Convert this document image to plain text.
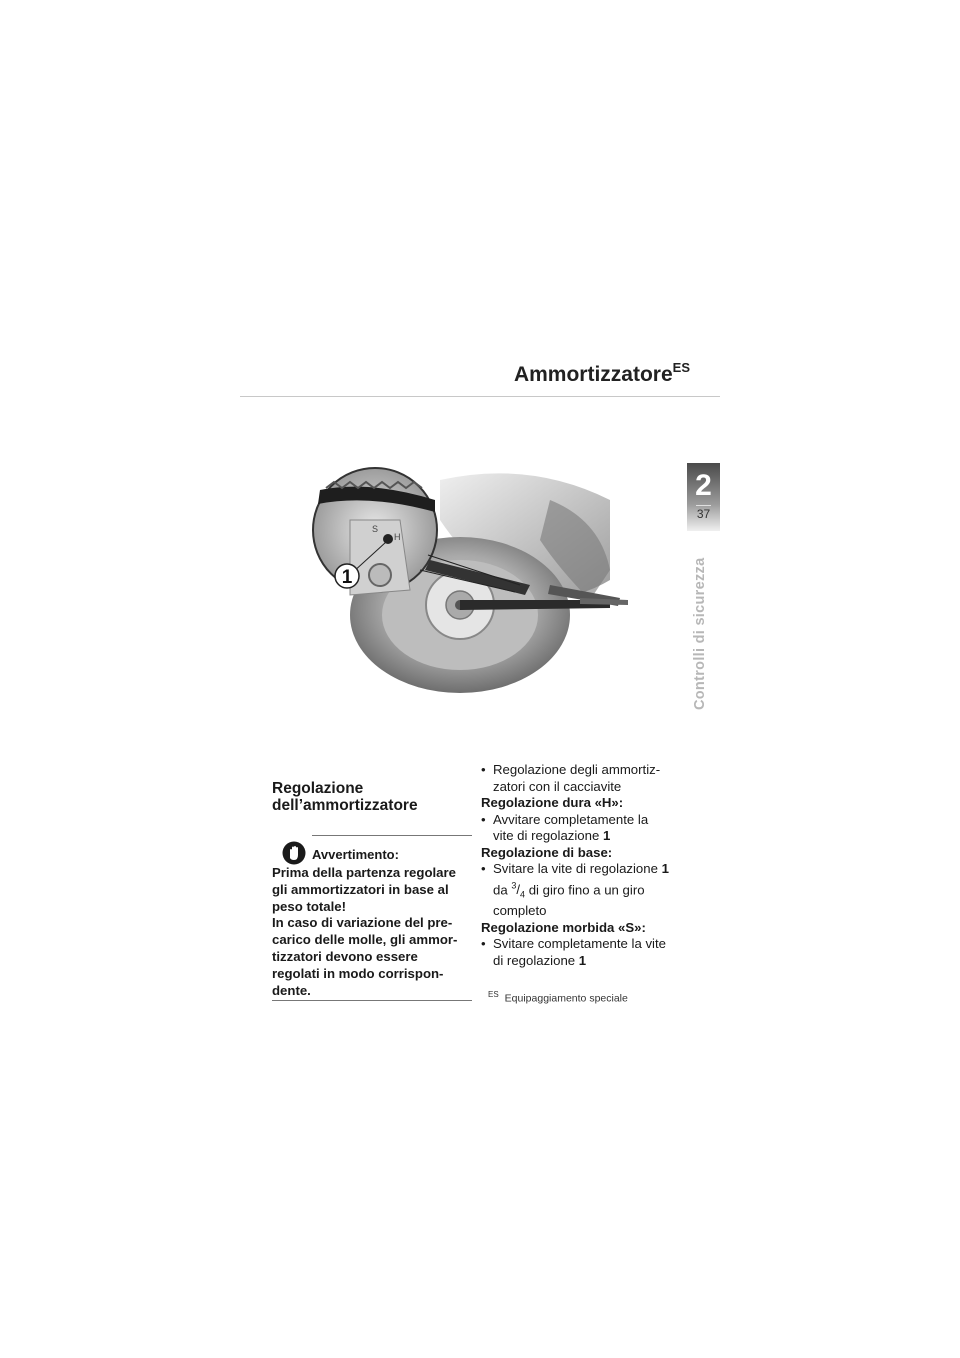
Ammortizzatore$^{ES}$
2
37
Controlli di sicurezza
S
H
1
Regolazione
dell’ammortizzatore
Avvertimento:
Prima della partenza regolare
gli ammortizzatori in base al
peso totale!
In caso di variazione del pre-
carico delle molle, gli ammor-
tizzatori devono essere
regolati in modo corrispon-
dente.
• Regolazione degli ammortiz-
zatori con il cacciavite
Regolazione dura «H»:
• Avvitare completamente la
vite di regolazione 1
Regolazione di base:
• Svitare la vite di regolazione 1
da $^3/_4$ di giro fino a un giro
completo
Regolazione morbida «S»:
• Svitare completamente la vite
di regolazione 1
$^{ES}$ Equipaggiamento speciale
